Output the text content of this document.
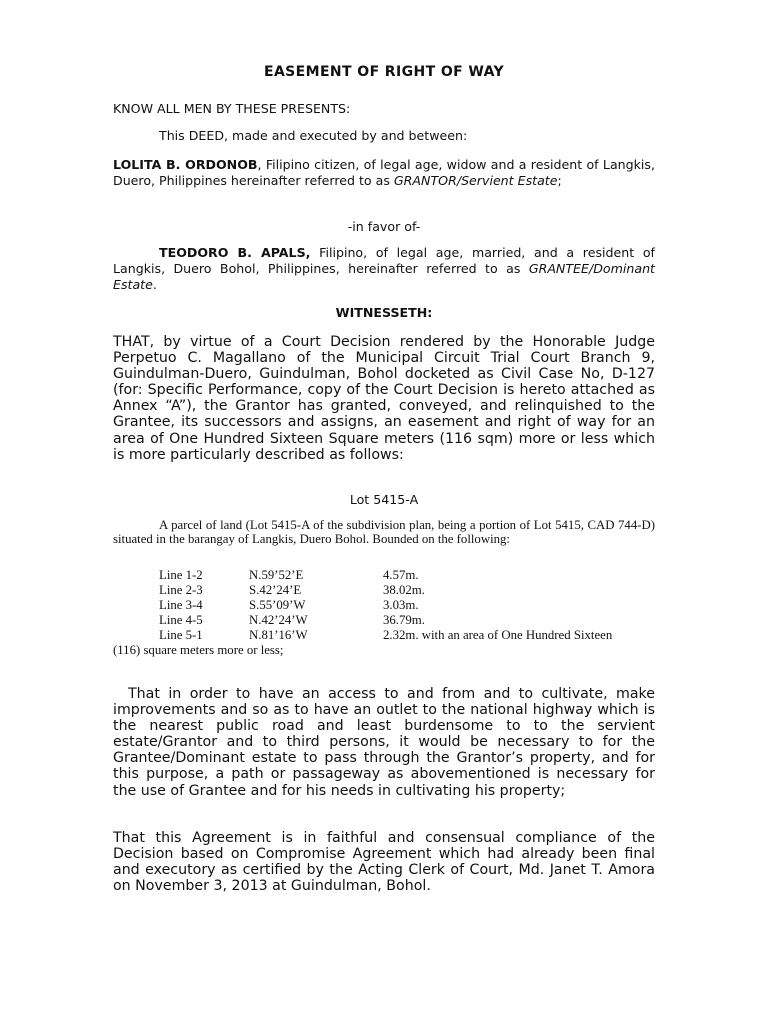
EASEMENT OF RIGHT OF WAY

KNOW ALL MEN BY THESE PRESENTS:

This DEED, made and executed by and between:

LOLITA B. ORDONOB, Filipino citizen, of legal age, widow and a resident of Langkis, Duero, Philippines hereinafter referred to as GRANTOR/Servient Estate;

-in favor of-

TEODORO B. APALS, Filipino, of legal age, married, and a resident of Langkis, Duero Bohol, Philippines, hereinafter referred to as GRANTEE/Dominant Estate.

WITNESSETH:

THAT, by virtue of a Court Decision rendered by the Honorable Judge Perpetuo C. Magallano of the Municipal Circuit Trial Court Branch 9, Guindulman-Duero, Guindulman, Bohol docketed as Civil Case No, D-127 (for: Specific Performance, copy of the Court Decision is hereto attached as Annex “A”), the Grantor has granted, conveyed, and relinquished to the Grantee, its successors and assigns, an easement and right of way for an area of One Hundred Sixteen Square meters (116 sqm) more or less which is more particularly described as follows:

Lot 5415-A

A parcel of land (Lot 5415-A of the subdivision plan, being a portion of Lot 5415, CAD 744-D) situated in the barangay of Langkis, Duero Bohol. Bounded on the following:

Line 1-2	N.59’52’E	4.57m.
Line 2-3	S.42’24’E	38.02m.
Line 3-4	S.55’09’W	3.03m.
Line 4-5	N.42’24’W	36.79m.
Line 5-1	N.81’16’W	2.32m. with an area of One Hundred Sixteen

(116) square meters more or less;

That in order to have an access to and from and to cultivate, make improvements and so as to have an outlet to the national highway which is the nearest public road and least burdensome to to the servient estate/Grantor and to third persons, it would be necessary to for the Grantee/Dominant estate to pass through the Grantor’s property, and for this purpose, a path or passageway as abovementioned is necessary for the use of Grantee and for his needs in cultivating his property;

That this Agreement is in faithful and consensual compliance of the Decision based on Compromise Agreement which had already been final and executory as certified by the Acting Clerk of Court, Md. Janet T. Amora on November 3, 2013 at Guindulman, Bohol.
